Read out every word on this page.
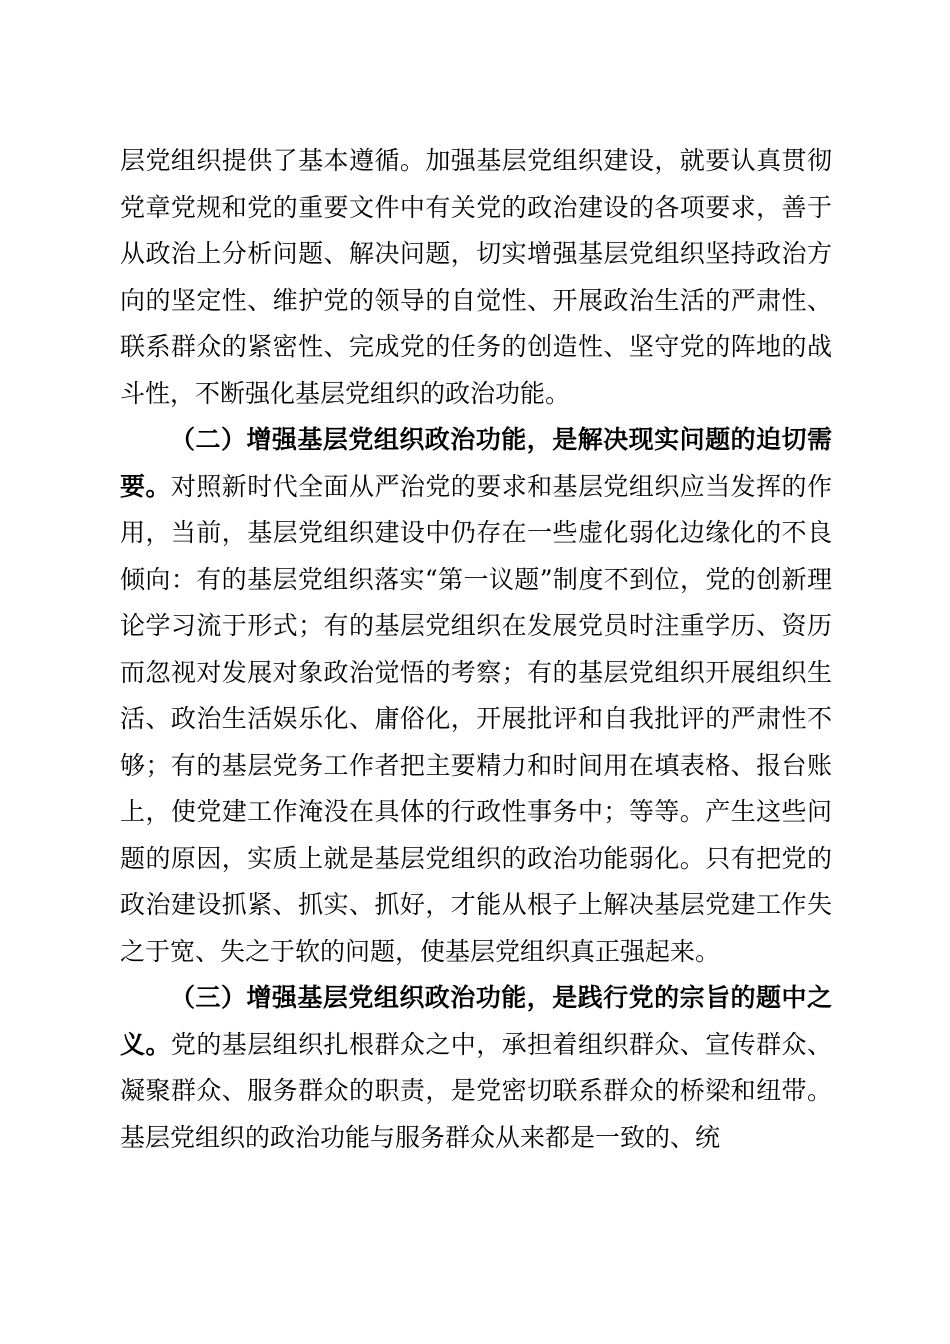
层党组织提供了基本遵循。加强基层党组织建设，就要认真贯彻党章党规和党的重要文件中有关党的政治建设的各项要求，善于从政治上分析问题、解决问题，切实增强基层党组织坚持政治方向的坚定性、维护党的领导的自觉性、开展政治生活的严肃性、联系群众的紧密性、完成党的任务的创造性、坚守党的阵地的战斗性，不断强化基层党组织的政治功能。

（二）增强基层党组织政治功能，是解决现实问题的迫切需要。对照新时代全面从严治党的要求和基层党组织应当发挥的作用，当前，基层党组织建设中仍存在一些虚化弱化边缘化的不良倾向：有的基层党组织落实“第一议题”制度不到位，党的创新理论学习流于形式；有的基层党组织在发展党员时注重学历、资历而忽视对发展对象政治觉悟的考察；有的基层党组织开展组织生活、政治生活娱乐化、庸俗化，开展批评和自我批评的严肃性不够；有的基层党务工作者把主要精力和时间用在填表格、报台账上，使党建工作淹没在具体的行政性事务中；等等。产生这些问题的原因，实质上就是基层党组织的政治功能弱化。只有把党的政治建设抓紧、抓实、抓好，才能从根子上解决基层党建工作失之于宽、失之于软的问题，使基层党组织真正强起来。

（三）增强基层党组织政治功能，是践行党的宗旨的题中之义。党的基层组织扎根群众之中，承担着组织群众、宣传群众、凝聚群众、服务群众的职责，是党密切联系群众的桥梁和纽带。基层党组织的政治功能与服务群众从来都是一致的、统
